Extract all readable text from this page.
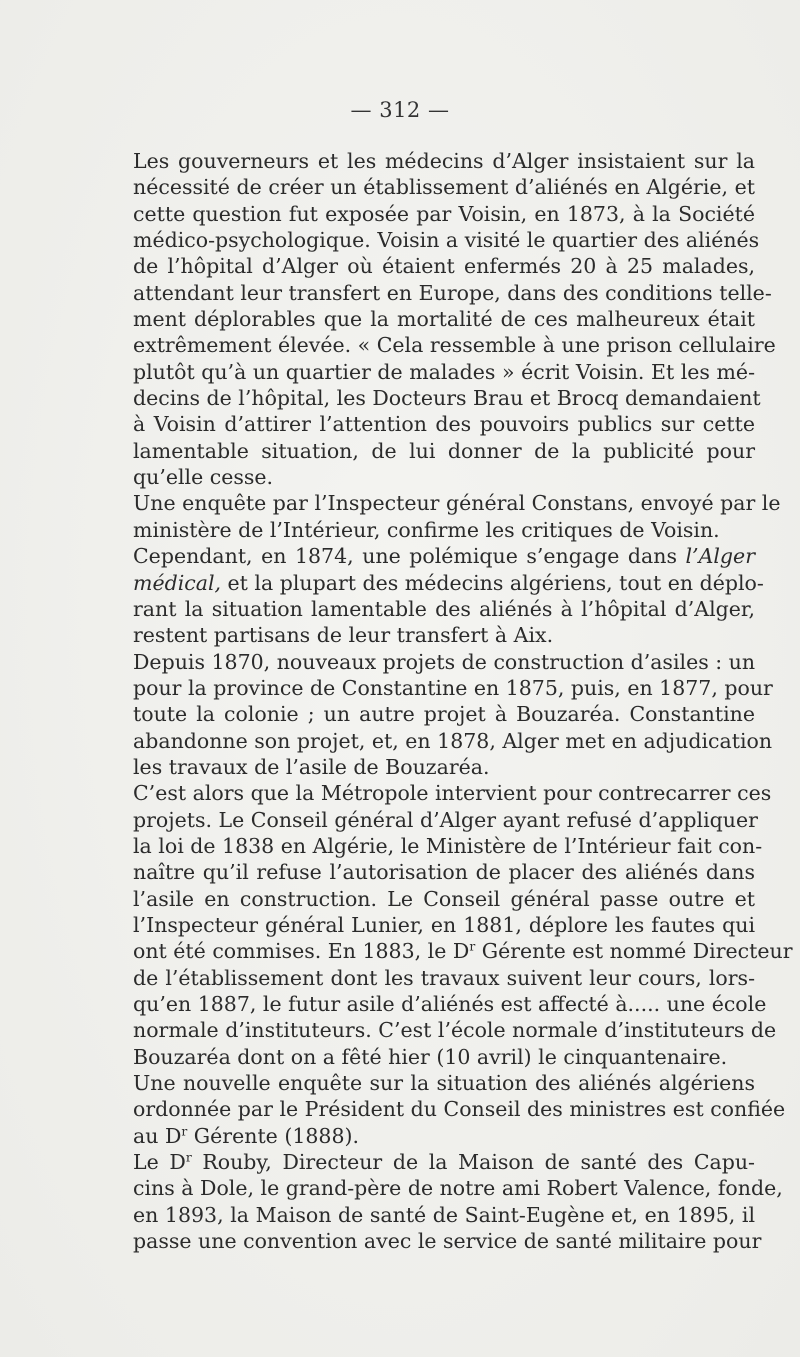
— 312 —
Les gouverneurs et les médecins d’Alger insistaient sur la
nécessité de créer un établissement d’aliénés en Algérie, et
cette question fut exposée par Voisin, en 1873, à la Société
médico-psychologique. Voisin a visité le quartier des aliénés
de l’hôpital d’Alger où étaient enfermés 20 à 25 malades,
attendant leur transfert en Europe, dans des conditions telle-
ment déplorables que la mortalité de ces malheureux était
extrêmement élevée. « Cela ressemble à une prison cellulaire
plutôt qu’à un quartier de malades » écrit Voisin. Et les mé-
decins de l’hôpital, les Docteurs Brau et Brocq demandaient
à Voisin d’attirer l’attention des pouvoirs publics sur cette
lamentable situation, de lui donner de la publicité pour
qu’elle cesse.
Une enquête par l’Inspecteur général Constans, envoyé par le
ministère de l’Intérieur, confirme les critiques de Voisin.
Cependant, en 1874, une polémique s’engage dans l’Alger
médical, et la plupart des médecins algériens, tout en déplo-
rant la situation lamentable des aliénés à l’hôpital d’Alger,
restent partisans de leur transfert à Aix.
Depuis 1870, nouveaux projets de construction d’asiles : un
pour la province de Constantine en 1875, puis, en 1877, pour
toute la colonie ; un autre projet à Bouzaréa. Constantine
abandonne son projet, et, en 1878, Alger met en adjudication
les travaux de l’asile de Bouzaréa.
C’est alors que la Métropole intervient pour contrecarrer ces
projets. Le Conseil général d’Alger ayant refusé d’appliquer
la loi de 1838 en Algérie, le Ministère de l’Intérieur fait con-
naître qu’il refuse l’autorisation de placer des aliénés dans
l’asile en construction. Le Conseil général passe outre et
l’Inspecteur général Lunier, en 1881, déplore les fautes qui
ont été commises. En 1883, le $D^r$ Gérente est nommé Directeur
de l’établissement dont les travaux suivent leur cours, lors-
qu’en 1887, le futur asile d’aliénés est affecté à..... une école
normale d’instituteurs. C’est l’école normale d’instituteurs de
Bouzaréa dont on a fêté hier (10 avril) le cinquantenaire.
Une nouvelle enquête sur la situation des aliénés algériens
ordonnée par le Président du Conseil des ministres est confiée
au $D^r$ Gérente (1888).
Le $D^r$ Rouby, Directeur de la Maison de santé des Capu-
cins à Dole, le grand-père de notre ami Robert Valence, fonde,
en 1893, la Maison de santé de Saint-Eugène et, en 1895, il
passe une convention avec le service de santé militaire pour
